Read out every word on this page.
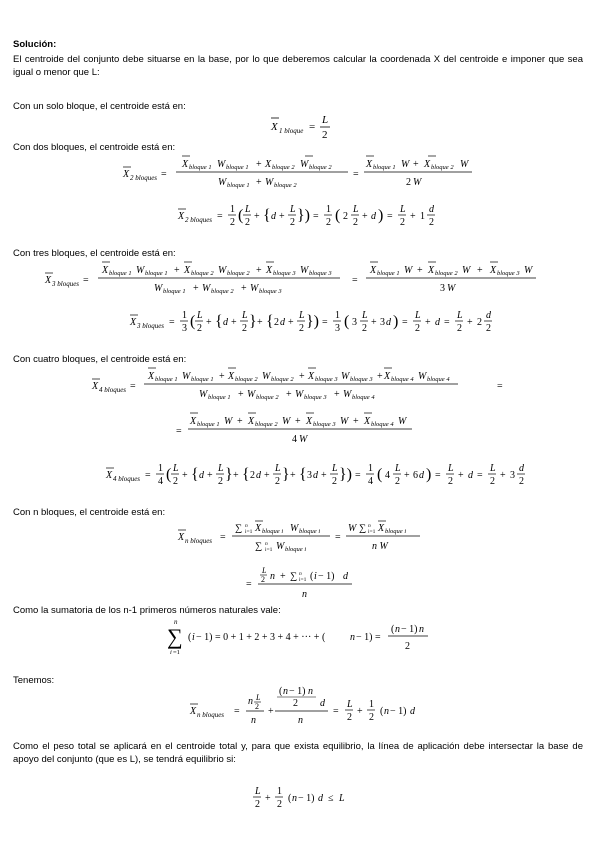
Solución:
El centroide del conjunto debe situarse en la base, por lo que deberemos calcular la coordenada X del centroide e imponer que sea igual o menor que L:
Con un solo bloque, el centroide está en:
X 1 bloque =
L
2
Con dos bloques, el centroide está en:
X 2 bloques =
X bloque 1 W bloque 1 + X bloque 2 W bloque 2
W bloque 1 + W bloque 2
=
X bloque 1 W + X bloque 2 W
2 W
X 2 bloques =
1
2 ( L
2
+ { d +
L
2 }) =
1
2 ( 2
L
2
+ d ) =
L
2
+ 1
d
2
Con tres bloques, el centroide está en:
X 3 bloques =
X bloque 1 W bloque 1 + X bloque 2 W bloque 2 + X bloque 3 W bloque 3
W bloque 1 + W bloque 2 + W bloque 3
=
X bloque 1 W + X bloque 2 W + X bloque 3 W
3 W
X 3 bloques =
1
3 ( L
2
+ { d +
L
2 } + { 2 d +
L
2 }) =
1
3 ( 3
L
2
+ 3 d ) =
L
2
+ d =
L
2
+ 2
d
2
Con cuatro bloques, el centroide está en:
X 4 bloques =
X bloque 1 W bloque 1 + X bloque 2 W bloque 2 + X bloque 3 W bloque 3 + X bloque 4 W bloque 4
W bloque 1 + W bloque 2 + W bloque 3 + W bloque 4
=
=
X bloque 1 W + X bloque 2 W + X bloque 3 W + X bloque 4 W
4 W
X 4 bloques =
1
4 ( L
2
+ { d +
L
2 } + { 2 d +
L
2 } + { 3 d +
L
2 }) =
1
4 ( 4
L
2
+ 6 d ) =
L
2
+ d =
L
2
+ 3
d
2
Con n bloques, el centroide está en:
X n bloques =
∑ n
i=1 X bloque i W bloque i
∑ n
i=1 W bloque i
=
W ∑ n
i=1 X bloque i
n W
=
L
2 n + ∑ n
i=1 ( i − 1) d
n
Como la sumatoria de los n-1 primeros números naturales vale:
n
∑
i =1
( i − 1) = 0 + 1 + 2 + 3 + 4 + ··· + ( n − 1) =
( n − 1) n
2
Tenemos:
X n bloques =
n L
2
n
+
( n − 1) n
2 d
n
=
L
2
+
1
2
( n − 1) d
Como el peso total se aplicará en el centroide total y, para que exista equilibrio, la línea de aplicación debe intersectar la base de apoyo del conjunto (que es L), se tendrá equilibrio si:
L
2
+
1
2
( n − 1) d ≤ L
